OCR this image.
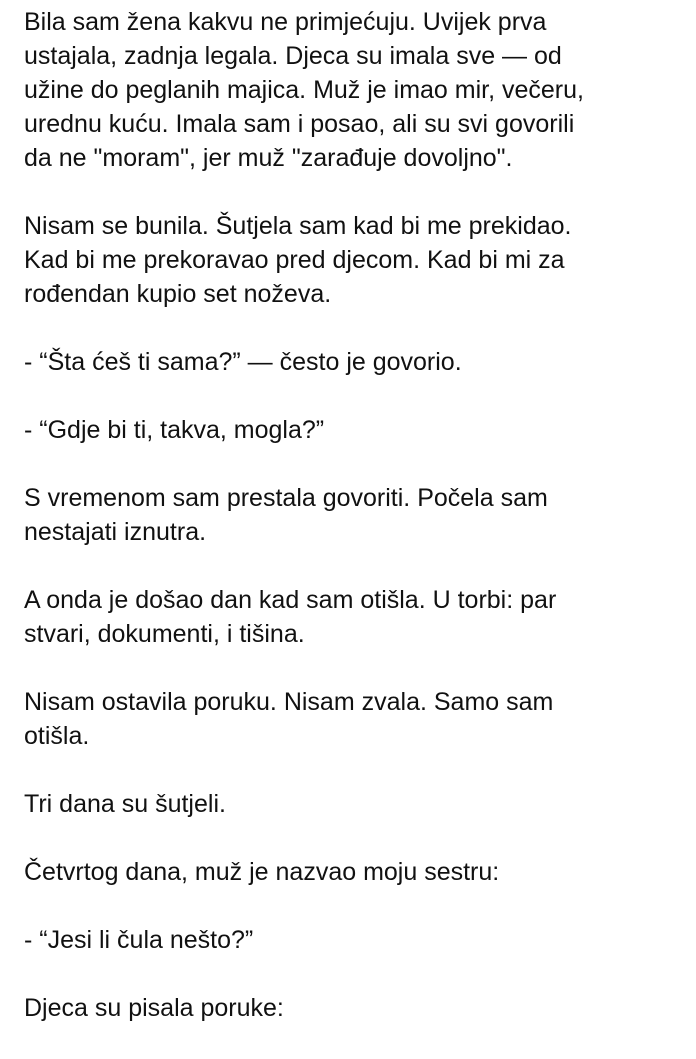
Bila sam žena kakvu ne primjećuju. Uvijek prva
ustajala, zadnja legala. Djeca su imala sve — od
užine do peglanih majica. Muž je imao mir, večeru,
urednu kuću. Imala sam i posao, ali su svi govorili
da ne "moram", jer muž "zarađuje dovoljno".

Nisam se bunila. Šutjela sam kad bi me prekidao.
Kad bi me prekoravao pred djecom. Kad bi mi za
rođendan kupio set noževa.

- “Šta ćeš ti sama?” — često je govorio.

- “Gdje bi ti, takva, mogla?”

S vremenom sam prestala govoriti. Počela sam
nestajati iznutra.

A onda je došao dan kad sam otišla. U torbi: par
stvari, dokumenti, i tišina.

Nisam ostavila poruku. Nisam zvala. Samo sam
otišla.

Tri dana su šutjeli.

Četvrtog dana, muž je nazvao moju sestru:

- “Jesi li čula nešto?”

Djeca su pisala poruke:
